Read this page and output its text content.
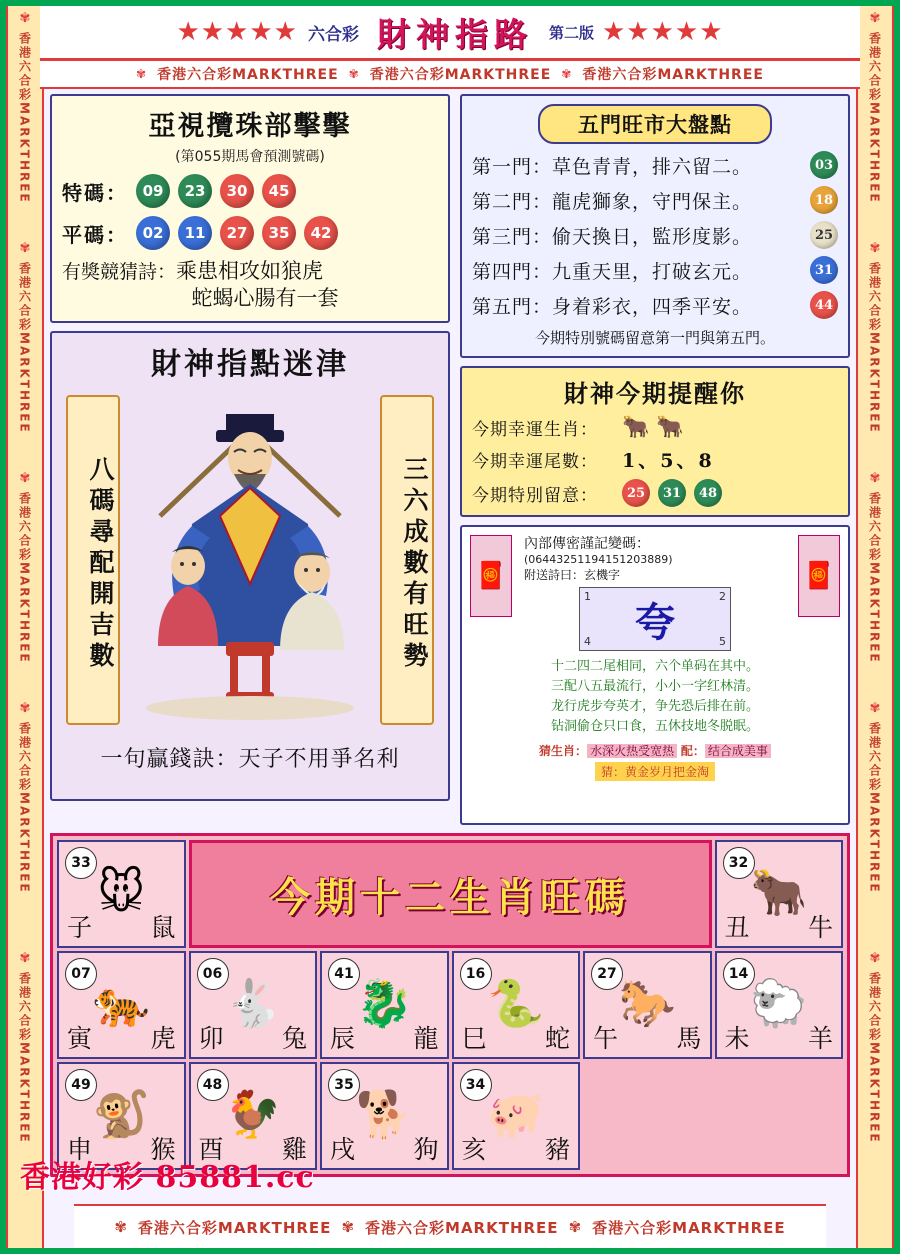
✾
香港六合彩MARKTHREE
✾
香港六合彩MARKTHREE
✾
香港六合彩MARKTHREE
✾
香港六合彩MARKTHREE
✾
香港六合彩MARKTHREE
✾
香港六合彩MARKTHREE
✾
香港六合彩MARKTHREE
✾
香港六合彩MARKTHREE
✾
香港六合彩MARKTHREE
✾
香港六合彩MARKTHREE
★★★★★ 六合彩 財神指路 第二版 ★★★★★
✾ 香港六合彩MARKTHREE ✾ 香港六合彩MARKTHREE ✾ 香港六合彩MARKTHREE
亞視攬珠部擊擊
(第055期馬會預測號碼)
特碼： 09	23	30	45
平碼： 02	11	27	35	42
有獎競猜詩：乘患相攻如狼虎
蛇蝎心腸有一套
財神指點迷津
八碼尋配開吉數	三六成數有旺勢
一句贏錢訣：天子不用爭名利
五門旺市大盤點
第一門：草色青青，排六留二。	03
第二門：龍虎獅象，守門保主。	18
第三門：偷天換日，監形度影。	25
第四門：九重天里，打破玄元。	31
第五門：身着彩衣，四季平安。	44
今期特別號碼留意第一門與第五門。
財神今期提醒你
今期幸運生肖：	🐂 🐂
今期幸運尾數：	1、5、8
今期特別留意：	25	31	48
🧧	🧧
內部傳密謹記變碼：
(06443251194151203889)
附送詩曰：玄機字
1	2
夸
4	5
十二四二尾相同，六个单码在其中。
三配八五最流行，小小一字红林清。
龙行虎步夸英才，争先恐后排在前。
钻洞偷仓只口食，五休技地冬脱眠。
猜生肖： 水深火热受宽热 配： 结合成美事
猜：黄金岁月把金淘
33
🐭
子 鼠
今期十二生肖旺碼
32
🐂
丑 牛
07
🐅
寅 虎
06
🐇
卯 兔
41
🐉
辰 龍
16
🐍
巳 蛇
27
🐎
午 馬
14
🐑
未 羊
49
🐒
申 猴
48
🐓
酉 雞
35
🐕
戌 狗
34
🐖
亥 豬
✾ 香港六合彩MARKTHREE ✾ 香港六合彩MARKTHREE ✾ 香港六合彩MARKTHREE
香港好彩 85881.cc
